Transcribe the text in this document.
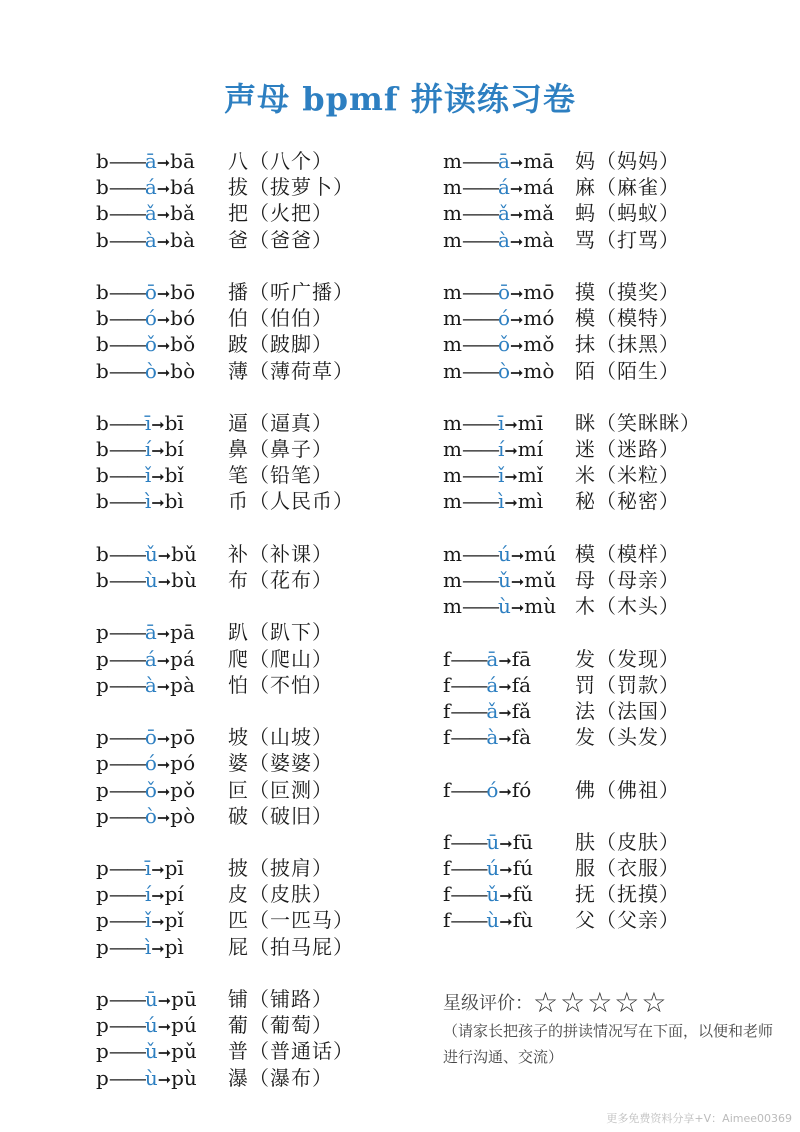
声母 bpmf 拼读练习卷
b——ā➞bā 八（八个）
b——á➞bá 拔（拔萝卜）
b——ǎ➞bǎ 把（火把）
b——à➞bà 爸（爸爸）
b——ō➞bō 播（听广播）
b——ó➞bó 伯（伯伯）
b——ǒ➞bǒ 跛（跛脚）
b——ò➞bò 薄（薄荷草）
b——ī➞bī 逼（逼真）
b——í➞bí 鼻（鼻子）
b——ǐ➞bǐ 笔（铅笔）
b——ì➞bì 币（人民币）
b——ǔ➞bǔ 补（补课）
b——ù➞bù 布（花布）
p——ā➞pā 趴（趴下）
p——á➞pá 爬（爬山）
p——à➞pà 怕（不怕）
p——ō➞pō 坡（山坡）
p——ó➞pó 婆（婆婆）
p——ǒ➞pǒ 叵（叵测）
p——ò➞pò 破（破旧）
p——ī➞pī 披（披肩）
p——í➞pí 皮（皮肤）
p——ǐ➞pǐ 匹（一匹马）
p——ì➞pì 屁（拍马屁）
p——ū➞pū 铺（铺路）
p——ú➞pú 葡（葡萄）
p——ǔ➞pǔ 普（普通话）
p——ù➞pù 瀑（瀑布）
m——ā➞mā 妈（妈妈）
m——á➞má 麻（麻雀）
m——ǎ➞mǎ 蚂（蚂蚁）
m——à➞mà 骂（打骂）
m——ō➞mō 摸（摸奖）
m——ó➞mó 模（模特）
m——ǒ➞mǒ 抹（抹黑）
m——ò➞mò 陌（陌生）
m——ī➞mī 眯（笑眯眯）
m——í➞mí 迷（迷路）
m——ǐ➞mǐ 米（米粒）
m——ì➞mì 秘（秘密）
m——ú➞mú 模（模样）
m——ǔ➞mǔ 母（母亲）
m——ù➞mù 木（木头）
f——ā➞fā 发（发现）
f——á➞fá 罚（罚款）
f——ǎ➞fǎ 法（法国）
f——à➞fà 发（头发）
f——ó➞fó 佛（佛祖）
f——ū➞fū 肤（皮肤）
f——ú➞fú 服（衣服）
f——ǔ➞fǔ 抚（抚摸）
f——ù➞fù 父（父亲）
星级评价：☆☆☆☆☆
（请家长把孩子的拼读情况写在下面，以便和老师进行沟通、交流）
更多免费资料分享+V：Aimee00369
